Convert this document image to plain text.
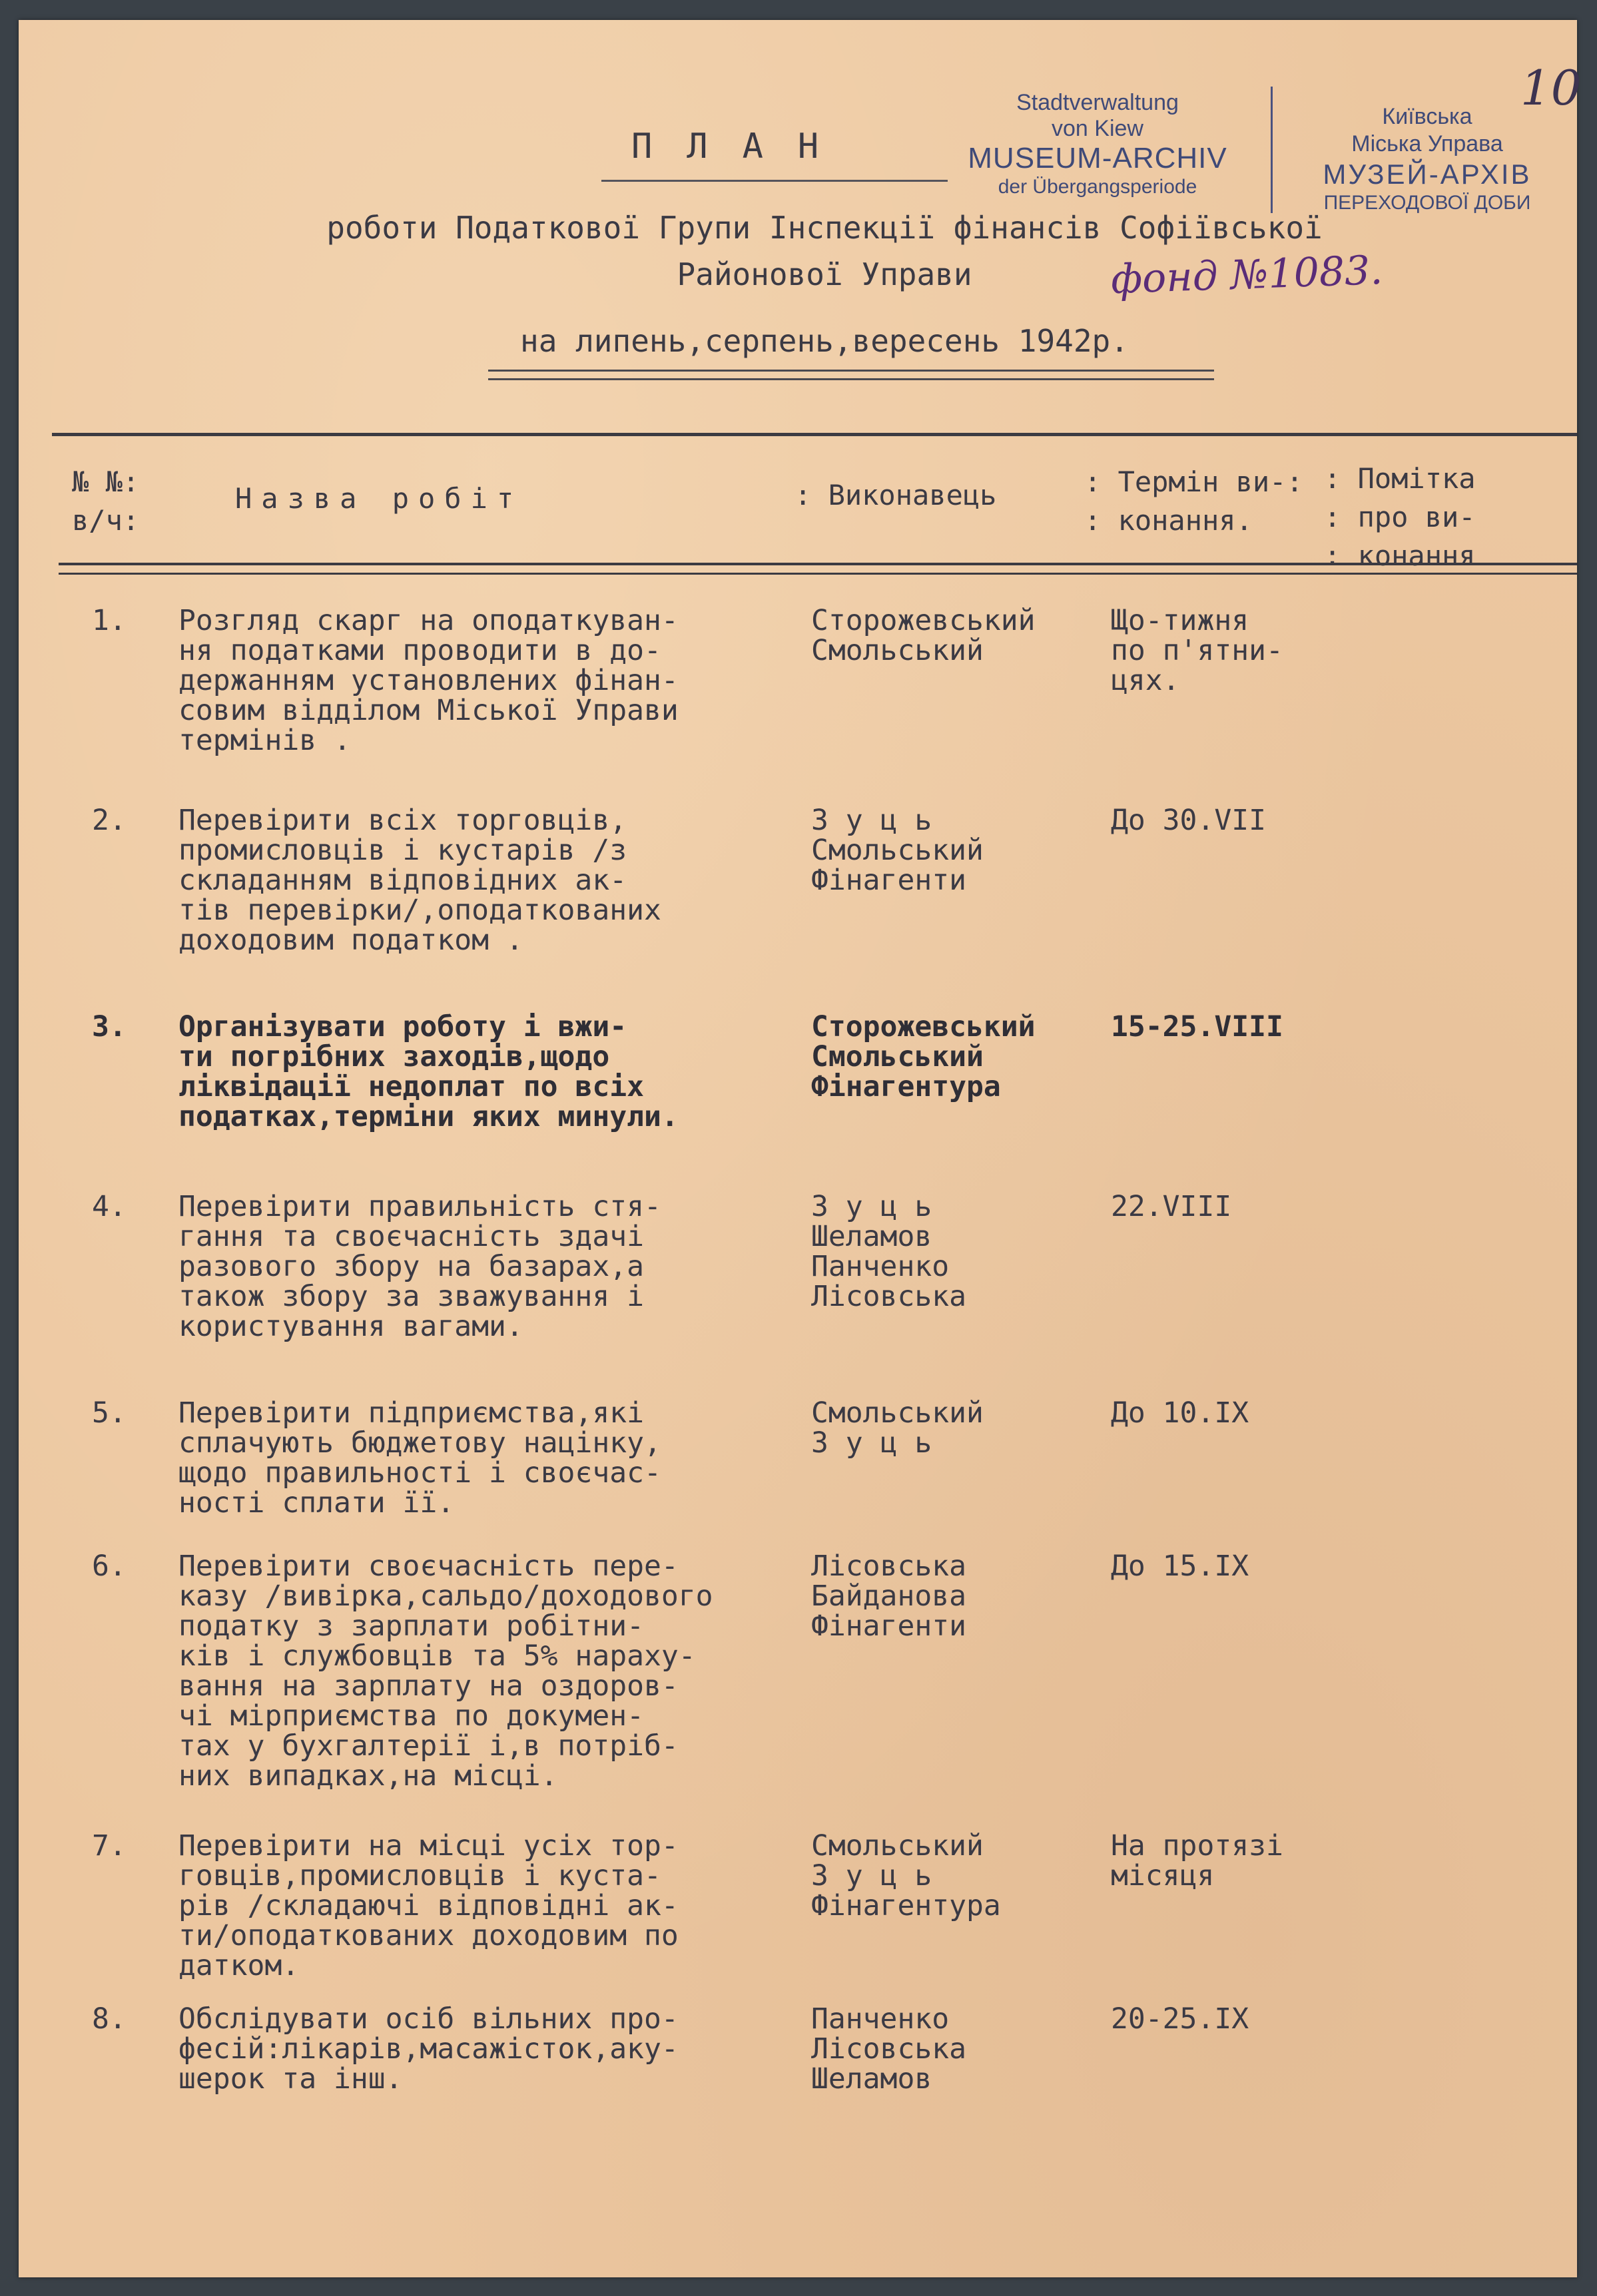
10
Stadtverwaltung
von Kiew
MUSEUM-ARCHIV
der Übergangsperiode
Київська
Міська Управа
МУЗЕЙ-АРХІВ
ПЕРЕХОДОВОЇ ДОБИ
фонд №1083.
ПЛАН
роботи Податкової Групи Інспекції фінансів Софіївської
Районової Управи
на липень,серпень,вересень 1942р.
№ №:
в/ч:
Назва робіт	: Виконавець	: Термін ви-:
: конання.
: Помітка
: про ви-
: конання
1. Розгляд скарг на оподаткуван-
ня податками проводити в до-
держанням установлених фінан-
совим відділом Міської Управи
термінів .
Сторожевський
Смольський
Що-тижня
по п'ятни-
цях.
2. Перевірити всіх торговців,
промисловців і кустарів /з
складанням відповідних ак-
тів перевірки/,оподаткованих
доходовим податком .
З у ц ь
Смольський
Фінагенти
До 30.VII
3. Організувати роботу і вжи-
ти погрібних заходів,щодо
ліквідації недоплат по всіх
податках,терміни яких минули.
Сторожевський
Смольський
Фінагентура
15-25.VIII
4. Перевірити правильність стя-
гання та своєчасність здачі
разового збору на базарах,а
також збору за зважування і
користування вагами.
З у ц ь
Шеламов
Панченко
Лісовська
22.VIII
5. Перевірити підприємства,які
сплачують бюджетову націнку,
щодо правильності і своєчас-
ності сплати її.
Смольський
З у ц ь
До 10.IX
6. Перевірити своєчасність пере-
казу /вивірка,сальдо/доходового
податку з зарплати робітни-
ків і службовців та 5% нараху-
вання на зарплату на оздоров-
чі мірприємства по докумен-
тах у бухгалтерії і,в потріб-
них випадках,на місці.
Лісовська
Байданова
Фінагенти
До 15.IX
7. Перевірити на місці усіх тор-
говців,промисловців і куста-
рів /складаючі відповідні ак-
ти/оподаткованих доходовим по
датком.
Смольський
З у ц ь
Фінагентура
На протязі
місяця
8. Обслідувати осіб вільних про-
фесій:лікарів,масажісток,аку-
шерок та інш.
Панченко
Лісовська
Шеламов
20-25.IX
